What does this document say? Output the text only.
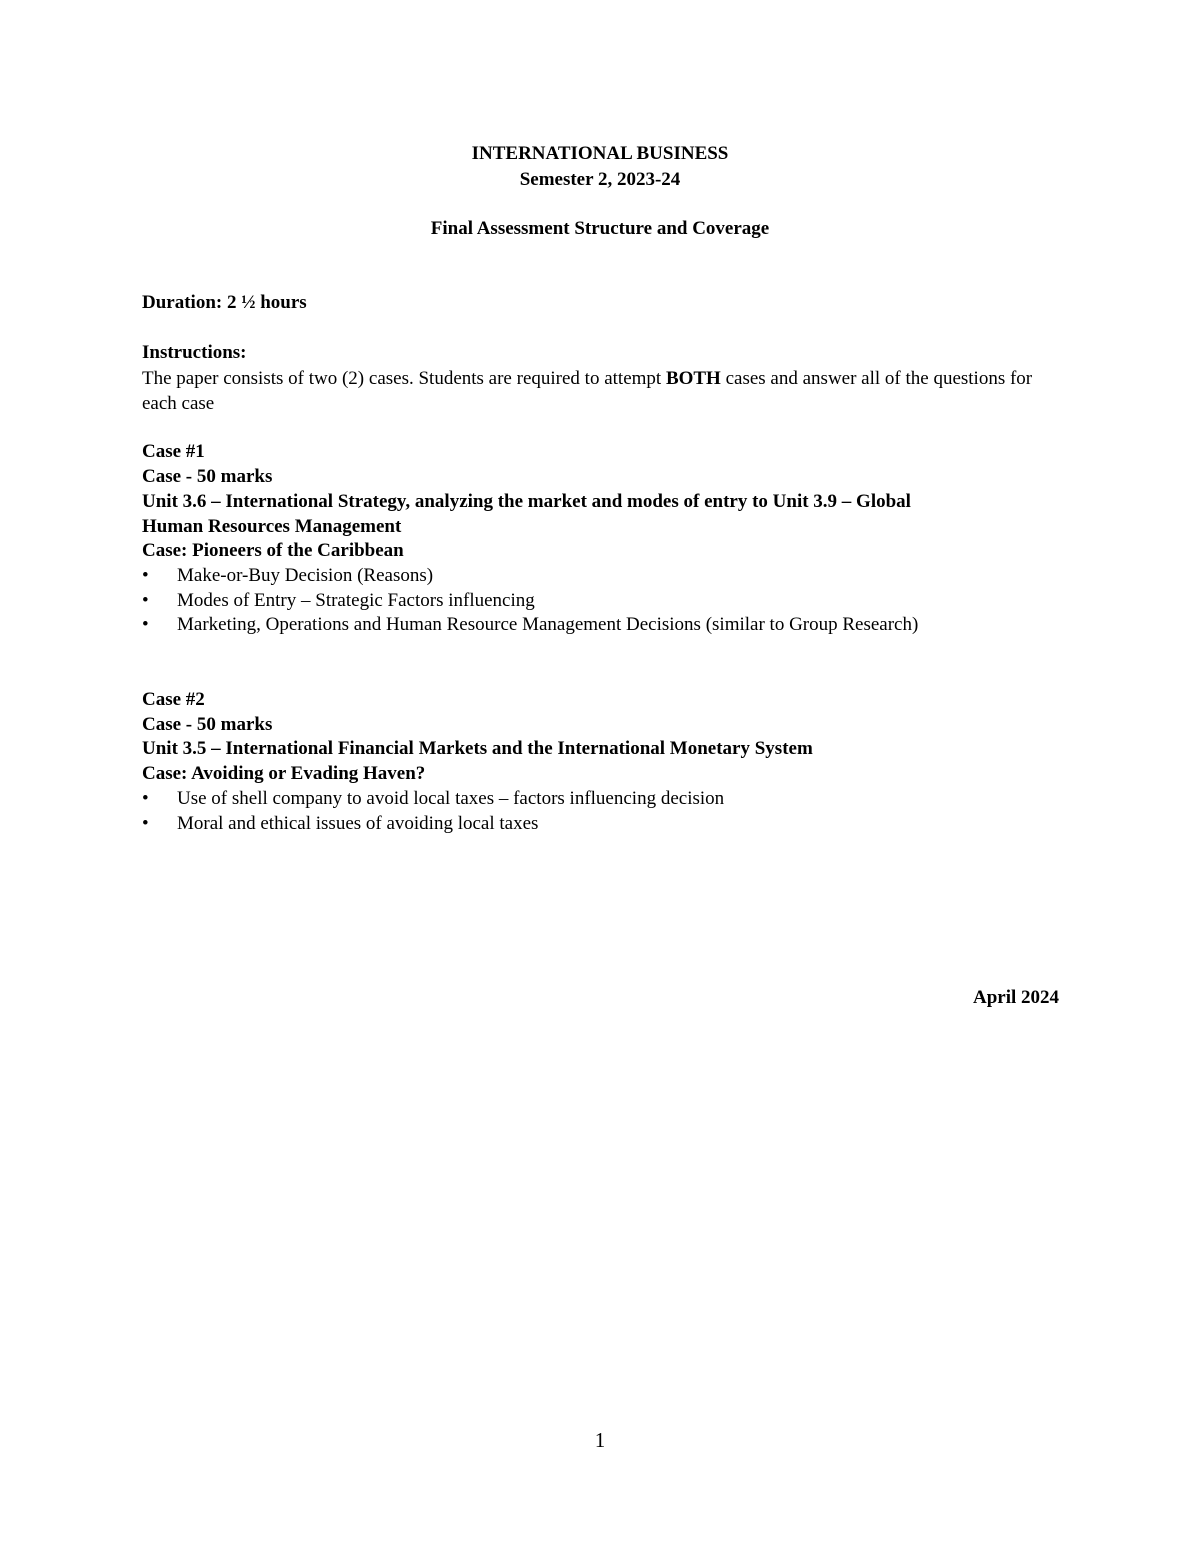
INTERNATIONAL BUSINESS
Semester 2, 2023-24
Final Assessment Structure and Coverage
Duration: 2 ½ hours
Instructions:
The paper consists of two (2) cases. Students are required to attempt BOTH cases and answer all of the questions for each case
Case #1
Case - 50 marks
Unit 3.6 – International Strategy, analyzing the market and modes of entry to Unit 3.9 – Global
Human Resources Management
Case: Pioneers of the Caribbean
• Make-or-Buy Decision (Reasons)
• Modes of Entry – Strategic Factors influencing
• Marketing, Operations and Human Resource Management Decisions (similar to Group Research)
Case #2
Case - 50 marks
Unit 3.5 – International Financial Markets and the International Monetary System
Case: Avoiding or Evading Haven?
• Use of shell company to avoid local taxes – factors influencing decision
• Moral and ethical issues of avoiding local taxes
April 2024
1
